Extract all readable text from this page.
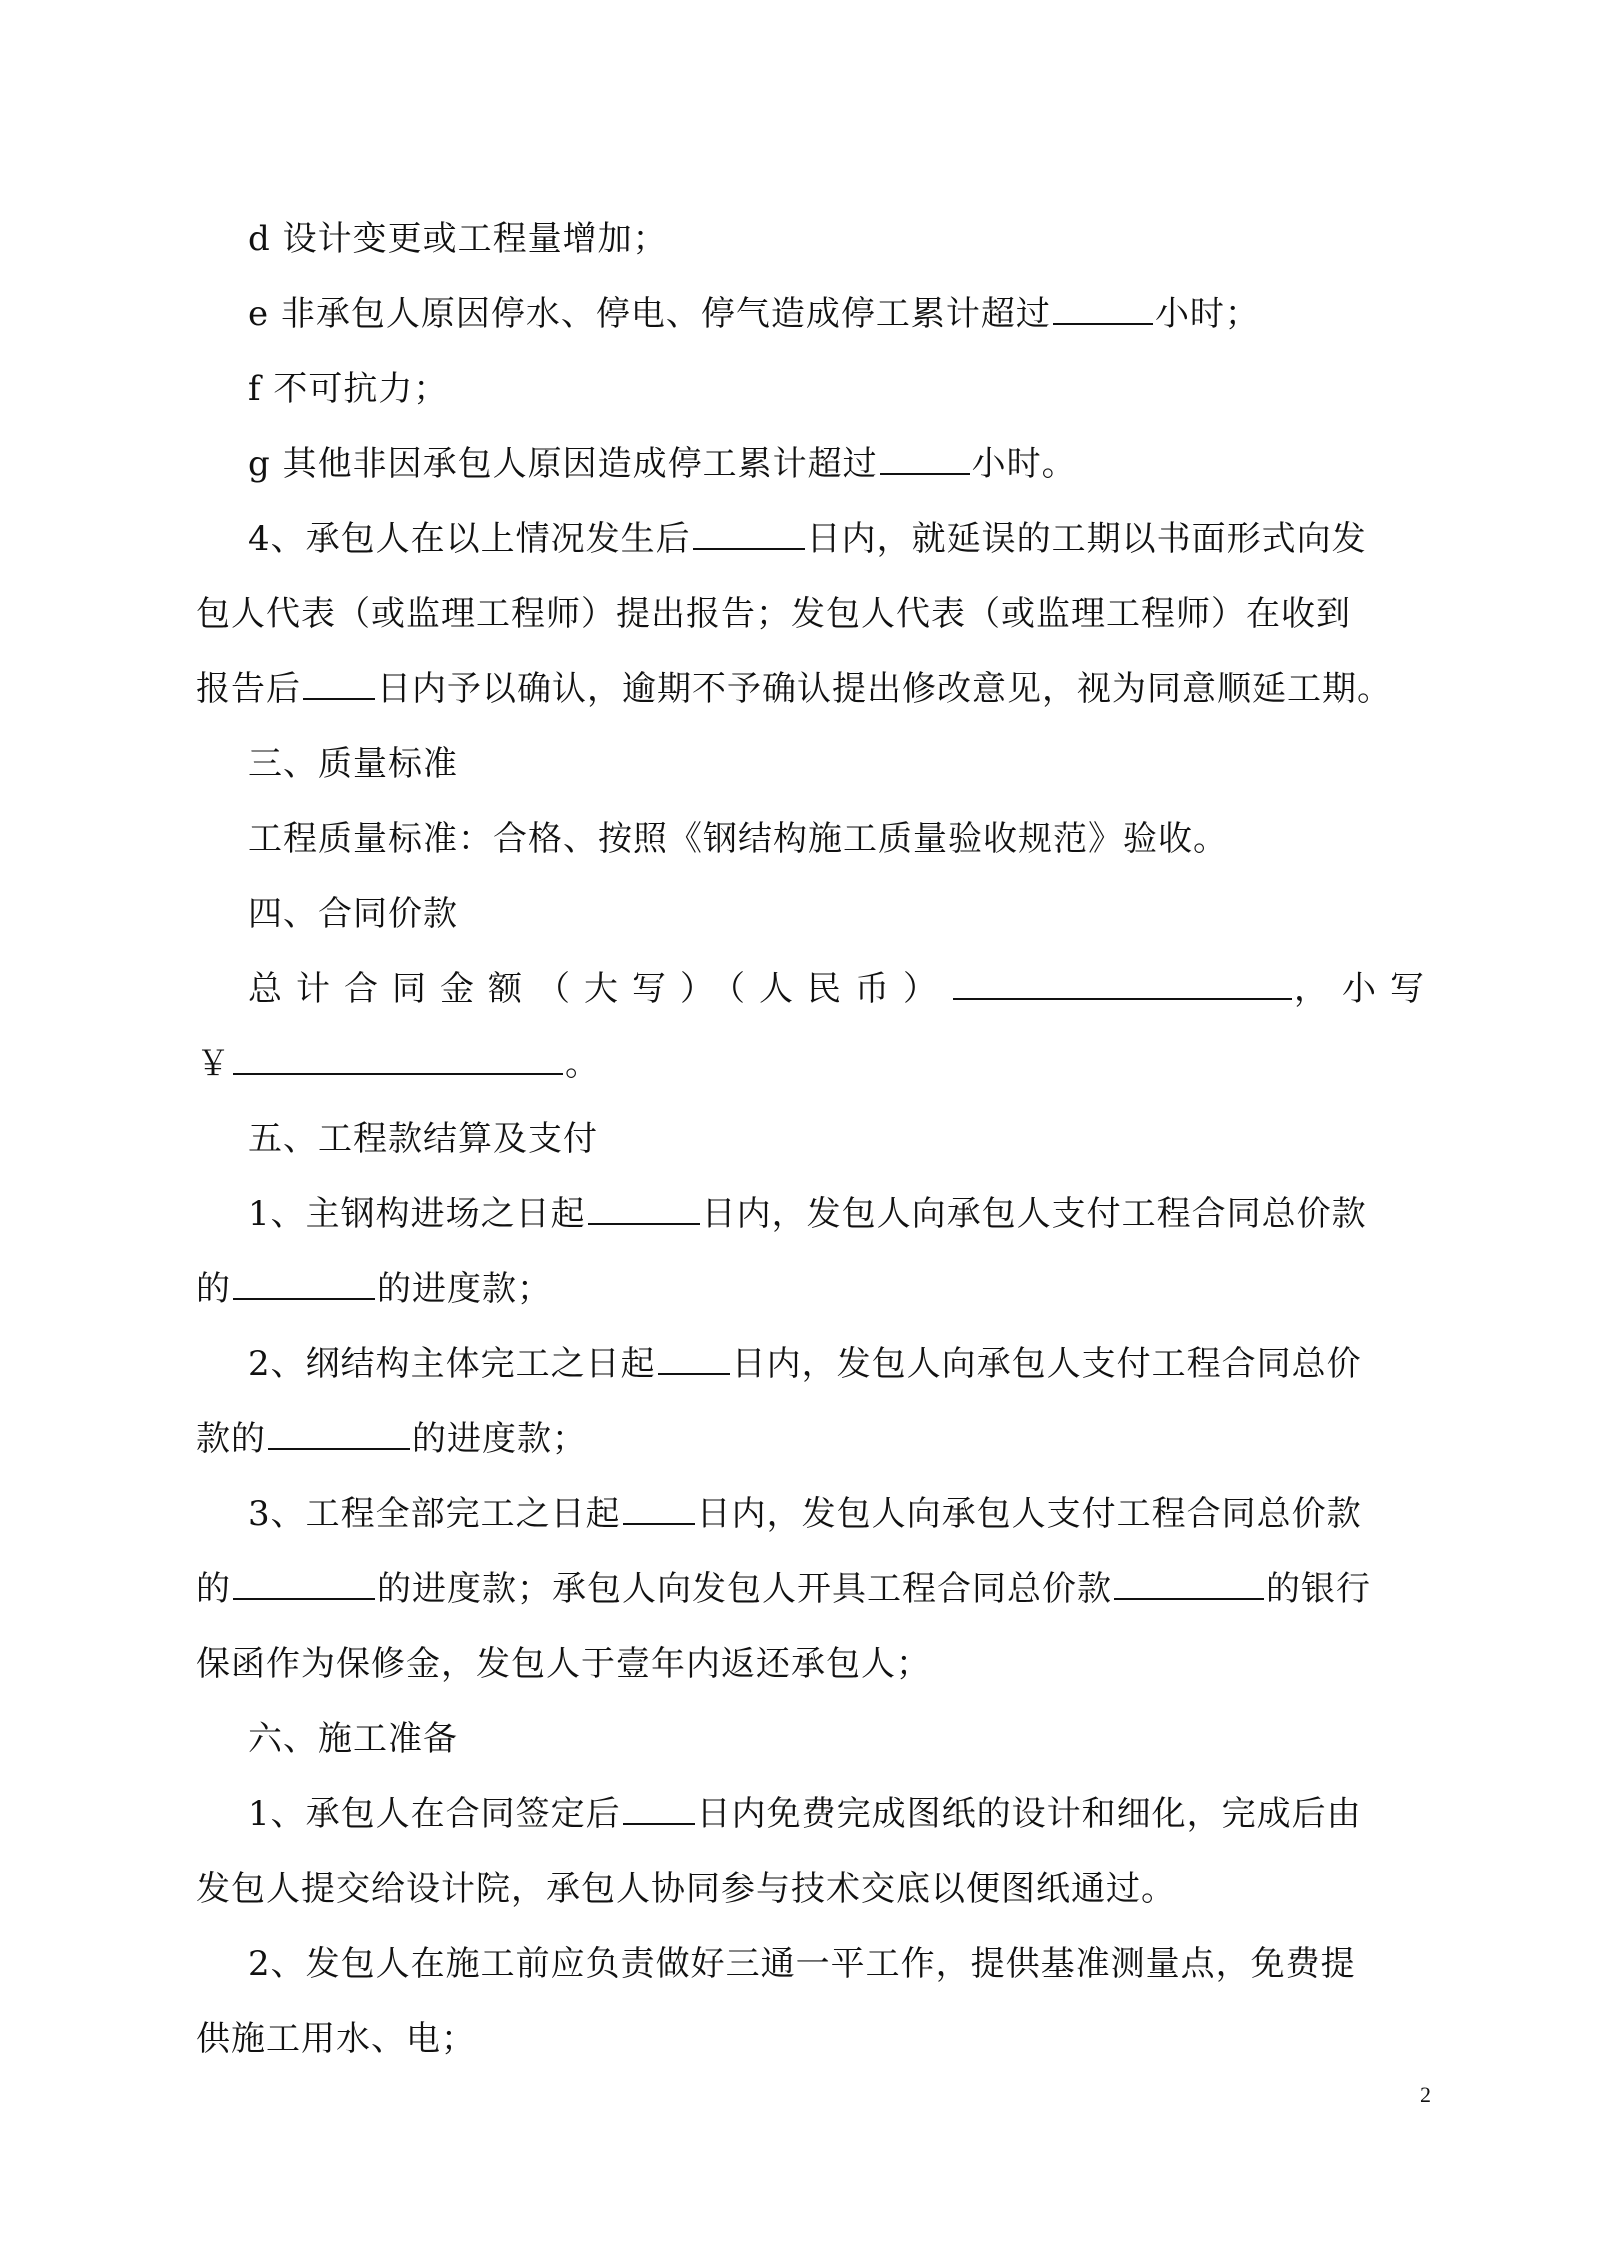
d 设计变更或工程量增加；
e 非承包人原因停水、停电、停气造成停工累计超过	小时；
f 不可抗力；
g 其他非因承包人原因造成停工累计超过	小时。
4、承包人在以上情况发生后	日内，就延误的工期以书面形式向发
包人代表（或监理工程师）提出报告；发包人代表（或监理工程师）在收到
报告后 日内予以确认，逾期不予确认提出修改意见，视为同意顺延工期。
三、质量标准
工程质量标准：合格、按照《钢结构施工质量验收规范》验收。
四、合同价款
总计合同金额（大写）（人民币）	，小写
￥	。
五、工程款结算及支付
1、主钢构进场之日起	日内，发包人向承包人支付工程合同总价款
的	的进度款；
2、纲结构主体完工之日起 日内，发包人向承包人支付工程合同总价
款的	的进度款；
3、工程全部完工之日起 日内，发包人向承包人支付工程合同总价款
的	的进度款；承包人向发包人开具工程合同总价款	的银行
保函作为保修金，发包人于壹年内返还承包人；
六、施工准备
1、承包人在合同签定后 日内免费完成图纸的设计和细化，完成后由
发包人提交给设计院，承包人协同参与技术交底以便图纸通过。
2、发包人在施工前应负责做好三通一平工作，提供基准测量点，免费提
供施工用水、电；
2
